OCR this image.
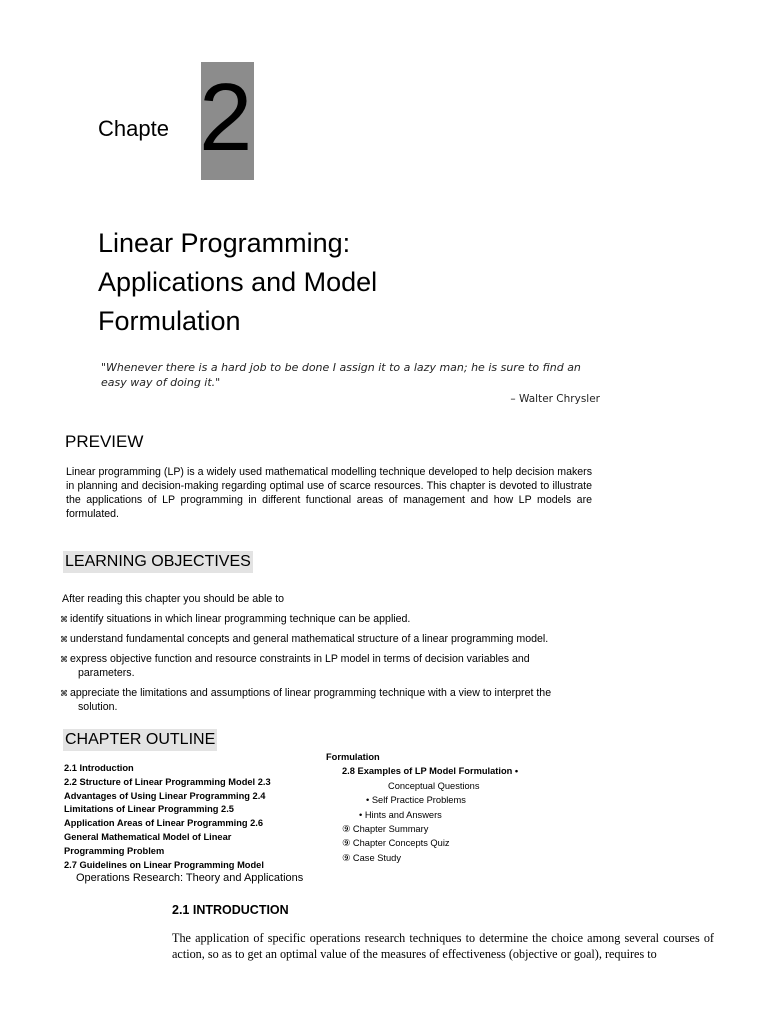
Chapte 2
Linear Programming:
Applications and Model
Formulation
"Whenever there is a hard job to be done I assign it to a lazy man; he is sure to find an easy way of doing it."
– Walter Chrysler
PREVIEW
Linear programming (LP) is a widely used mathematical modelling technique developed to help decision makers in planning and decision-making regarding optimal use of scarce resources. This chapter is devoted to illustrate the applications of LP programming in different functional areas of management and how LP models are formulated.
LEARNING OBJECTIVES
After reading this chapter you should be able to
⌘ identify situations in which linear programming technique can be applied.
⌘ understand fundamental concepts and general mathematical structure of a linear programming model.
⌘ express objective function and resource constraints in LP model in terms of decision variables and
parameters.
⌘ appreciate the limitations and assumptions of linear programming technique with a view to interpret the
solution.
CHAPTER OUTLINE
2.1 Introduction
2.2 Structure of Linear Programming Model 2.3
Advantages of Using Linear Programming 2.4
Limitations of Linear Programming 2.5
Application Areas of Linear Programming 2.6
General Mathematical Model of Linear
Programming Problem
2.7 Guidelines on Linear Programming Model
Operations Research: Theory and Applications
Formulation
2.8 Examples of LP Model Formulation •
Conceptual Questions
• Self Practice Problems
• Hints and Answers
⑨ Chapter Summary
⑨ Chapter Concepts Quiz
⑨ Case Study
2.1 INTRODUCTION
The application of specific operations research techniques to determine the choice among several courses of action, so as to get an optimal value of the measures of effectiveness (objective or goal), requires to
